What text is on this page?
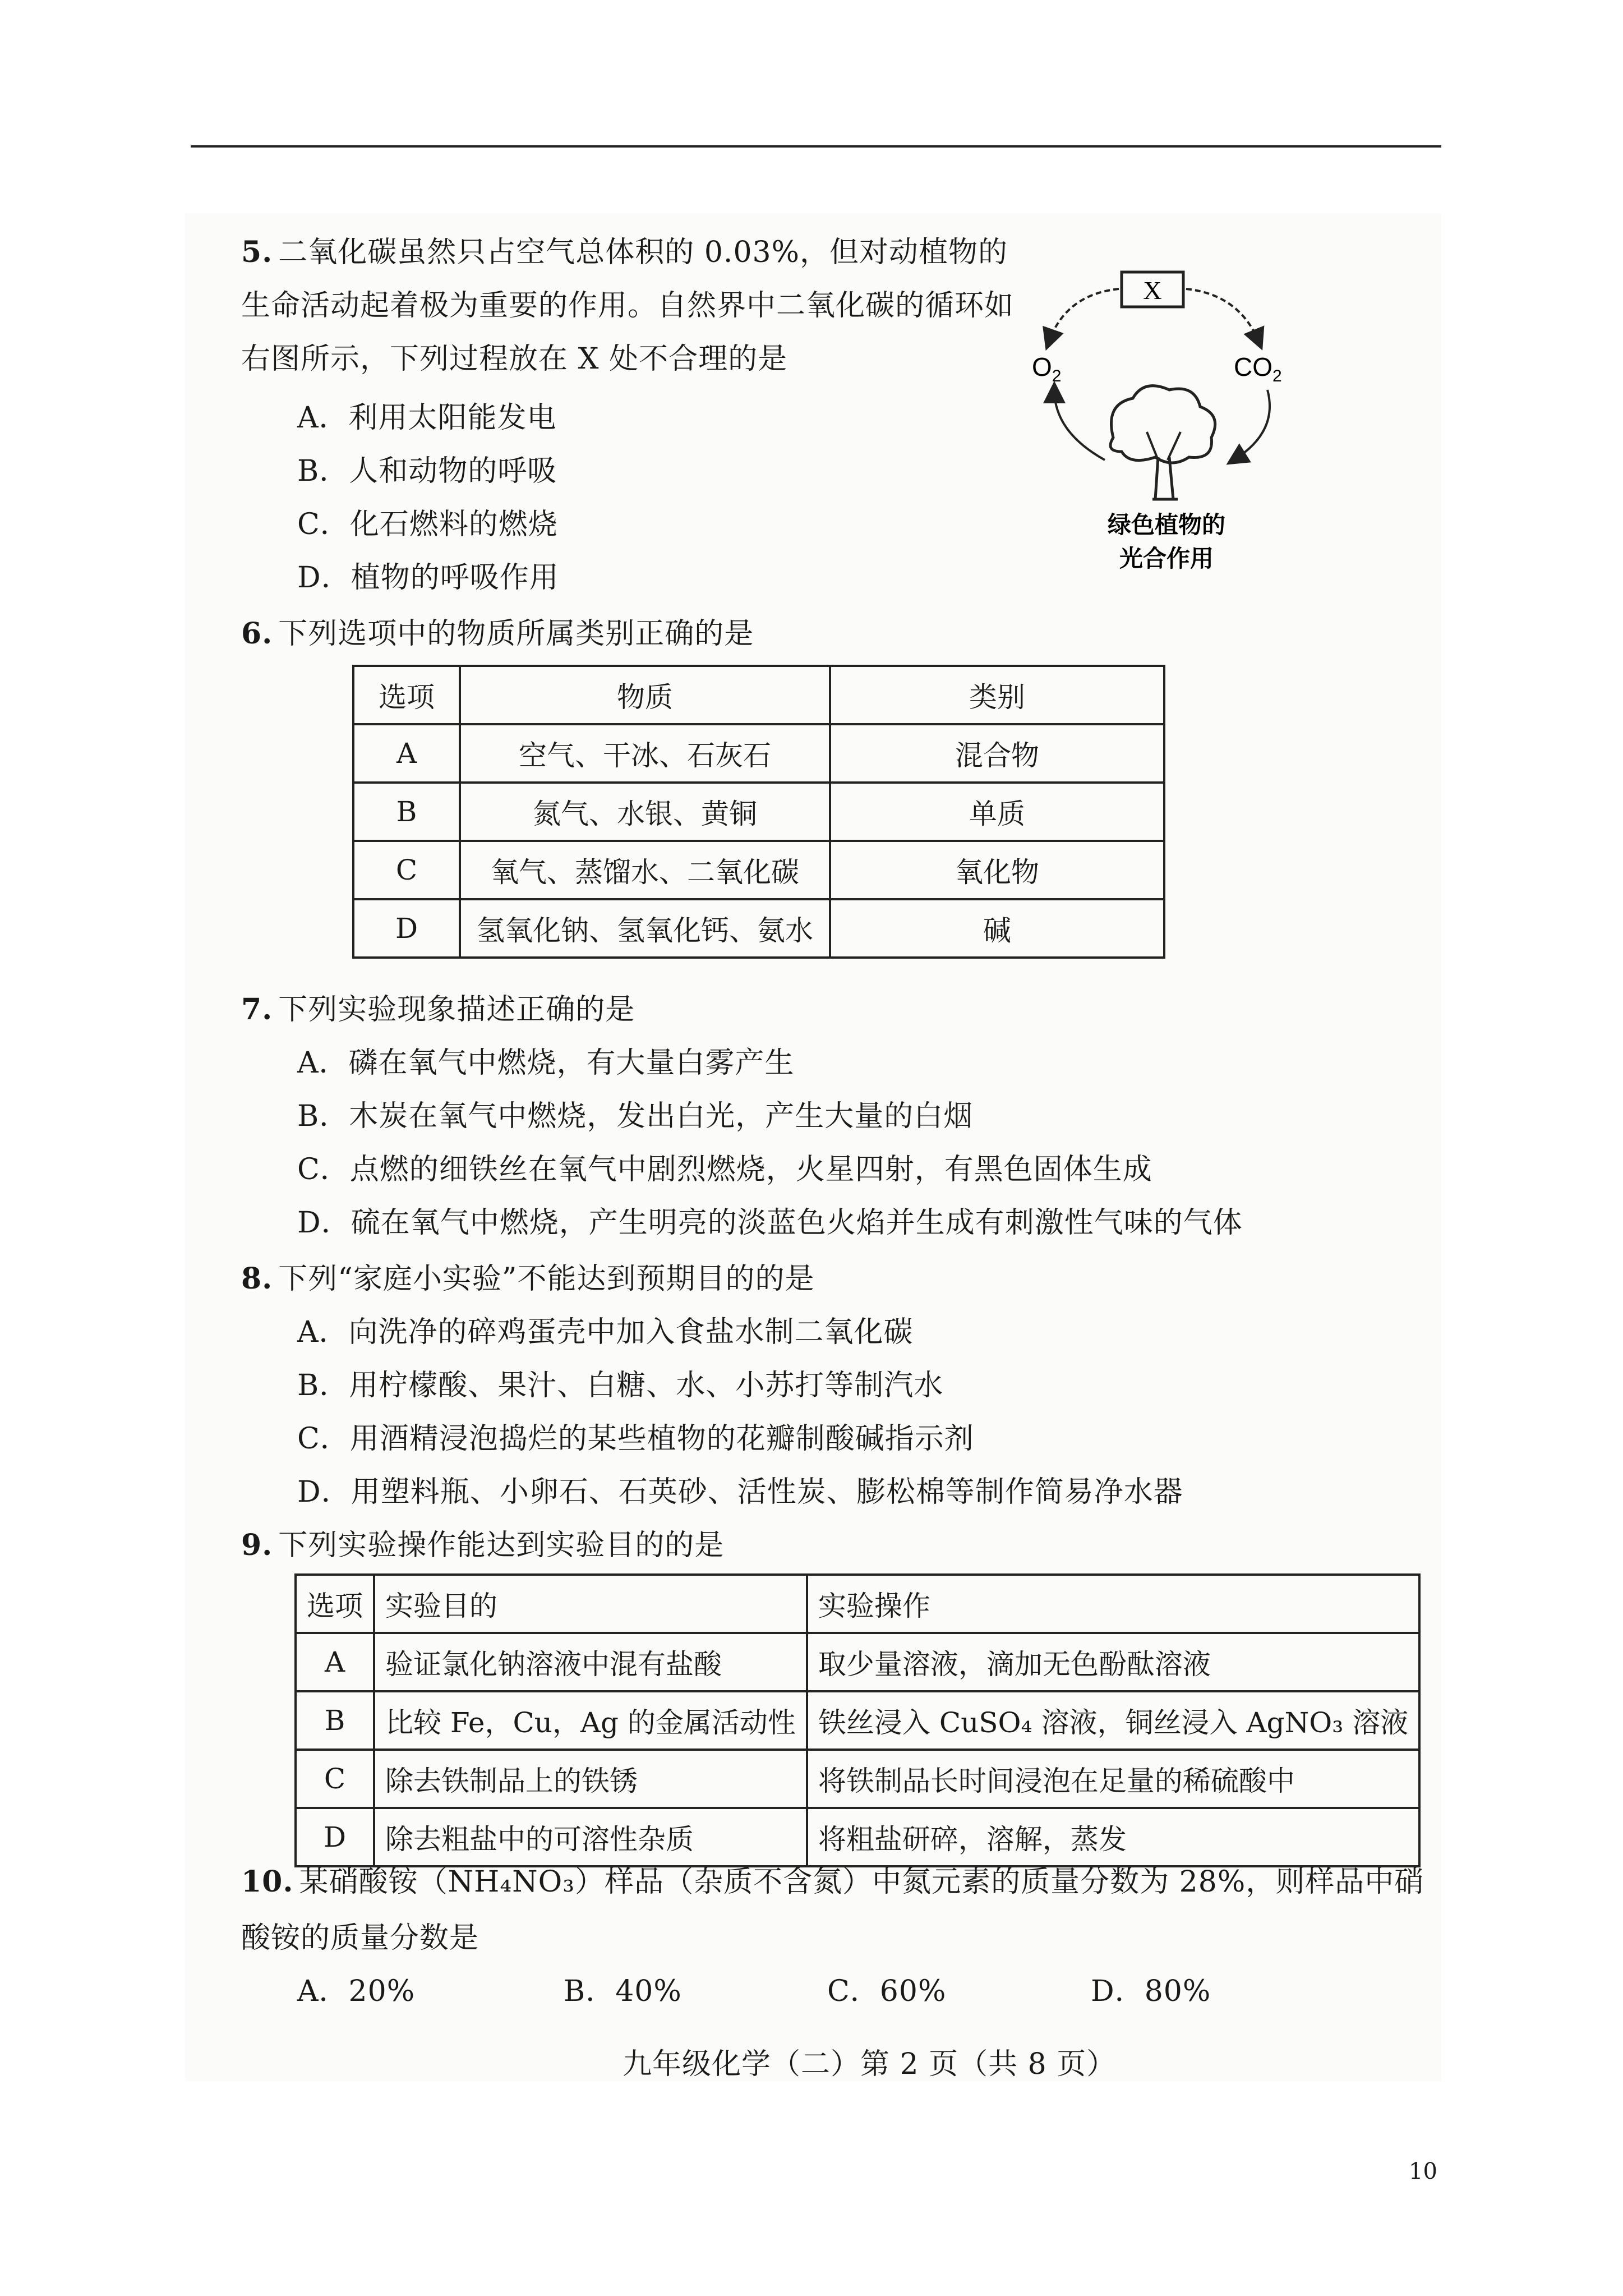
5. 二氧化碳虽然只占空气总体积的 0.03%，但对动植物的
生命活动起着极为重要的作用。自然界中二氧化碳的循环如
右图所示，下列过程放在 X 处不合理的是
A．利用太阳能发电
B．人和动物的呼吸
C．化石燃料的燃烧
D．植物的呼吸作用
X
$O_2$	$CO_2$
绿色植物的
光合作用
6. 下列选项中的物质所属类别正确的是
选项	物质	类别
A	空气、干冰、石灰石	混合物
B	氮气、水银、黄铜	单质
C	氧气、蒸馏水、二氧化碳	氧化物
D	氢氧化钠、氢氧化钙、氨水	碱
7. 下列实验现象描述正确的是
A．磷在氧气中燃烧，有大量白雾产生
B．木炭在氧气中燃烧，发出白光，产生大量的白烟
C．点燃的细铁丝在氧气中剧烈燃烧，火星四射，有黑色固体生成
D．硫在氧气中燃烧，产生明亮的淡蓝色火焰并生成有刺激性气味的气体
8. 下列“家庭小实验”不能达到预期目的的是
A．向洗净的碎鸡蛋壳中加入食盐水制二氧化碳
B．用柠檬酸、果汁、白糖、水、小苏打等制汽水
C．用酒精浸泡捣烂的某些植物的花瓣制酸碱指示剂
D．用塑料瓶、小卵石、石英砂、活性炭、膨松棉等制作简易净水器
9. 下列实验操作能达到实验目的的是
选项	实验目的	实验操作
A	验证氯化钠溶液中混有盐酸	取少量溶液，滴加无色酚酞溶液
B	比较 Fe，Cu，Ag 的金属活动性	铁丝浸入 CuSO₄ 溶液，铜丝浸入 AgNO₃ 溶液
C	除去铁制品上的铁锈	将铁制品长时间浸泡在足量的稀硫酸中
D	除去粗盐中的可溶性杂质	将粗盐研碎，溶解，蒸发
10. 某硝酸铵（NH₄NO₃）样品（杂质不含氮）中氮元素的质量分数为 28%，则样品中硝
酸铵的质量分数是
A．20%	B．40%	C．60%	D．80%
九年级化学（二）第 2 页（共 8 页）
10
